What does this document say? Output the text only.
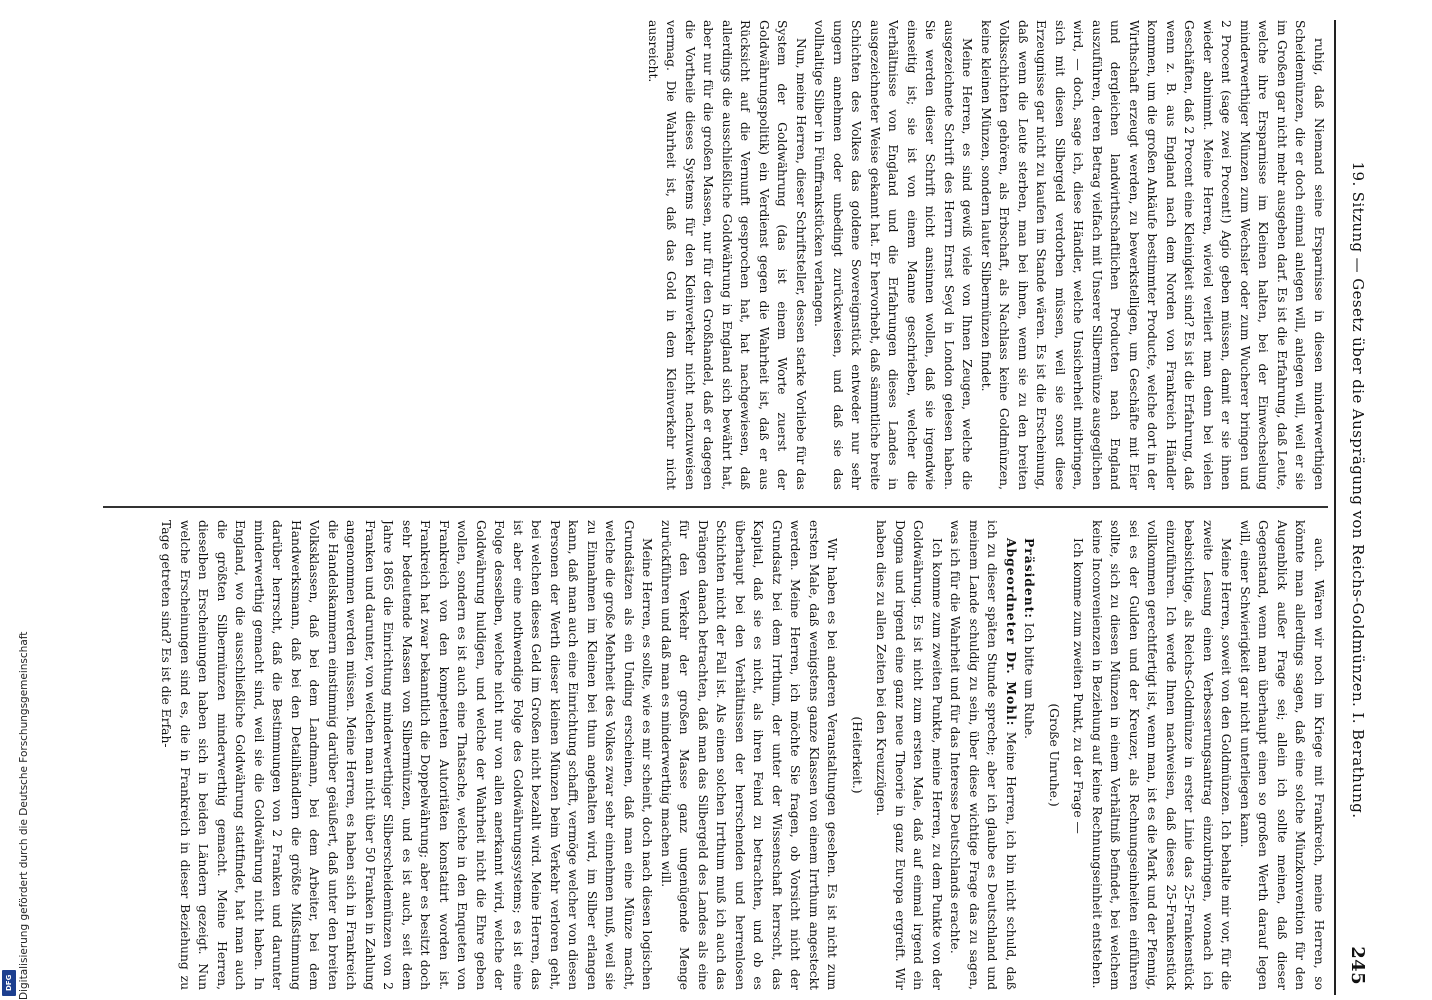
Digitalisierung gefördert durch die Deutsche Forschungsgemeinschaft
DFG
19. Sitzung — Gesetz über die Ausprägung von Reichs-Goldmünzen. I. Berathung.
245

ruhig, daß Niemand seine Ersparnisse in diesen minderwerthigen Scheidemünzen, die er doch einmal anlegen will, anlegen will, weil er sie im Großen gar nicht mehr ausgeben darf. Es ist die Erfahrung, daß Leute, welche ihre Ersparnisse im Kleinen halten, bei der Einwechselung minderwerthiger Münzen zum Wechsler oder zum Wucherer bringen und 2 Procent (sage zwei Procent!) Agio geben müssen, damit er sie ihnen wieder abnimmt. Meine Herren, wieviel verliert man denn bei vielen Geschäften, daß 2 Procent eine Kleinigkeit sind? Es ist die Erfahrung, daß wenn z. B. aus England nach dem Norden von Frankreich Händler kommen, um die großen Ankäufe bestimmter Producte, welche dort in der Wirthschaft erzeugt werden, zu bewerkstelligen, um Geschäfte mit Eier und dergleichen landwirthschaftlichen Producten nach England auszuführen, deren Betrag vielfach mit Unserer Silbermünze ausgeglichen wird, — doch, sage ich, diese Händler, welche Unsicherheit mitbringen, sich mit diesen Silbergeld verdorben müssen, weil sie sonst diese Erzeugnisse gar nicht zu kaufen im Stande wären. Es ist die Erscheinung, daß wenn die Leute sterben, man bei ihnen, wenn sie zu den breiten Volksschichten gehören, als Erbschaft, als Nachlass keine Goldmünzen, keine kleinen Münzen, sondern lauter Silbermünzen findet.

Meine Herren, es sind gewiß viele von Ihnen Zeugen, welche die ausgezeichnete Schrift des Herrn Ernst Seyd in London gelesen haben. Sie werden dieser Schrift nicht ansinnen wollen, daß sie irgendwie einseitig ist; sie ist von einem Manne geschrieben, welcher die Verhältnisse von England und die Erfahrungen dieses Landes in ausgezeichneter Weise gekannt hat. Er hervorhebt, daß sämmtliche breite Schichten des Volkes das goldene Sovereignstück entweder nur sehr ungern annehmen oder unbedingt zurückweisen, und daß sie das vollhaltige Silber in Fünffrankstücken verlangen.

Nun, meine Herren, dieser Schriftsteller, dessen starke Vorliebe für das System der Goldwährung (das ist einem Worte zuerst der Goldwährungspolitik) ein Verdienst gegen die Wahrheit ist, daß er aus Rücksicht auf die Vernunft gesprochen hat, hat nachgewiesen, daß allerdings die ausschließliche Goldwährung in England sich bewährt hat, aber nur für die großen Massen, nur für den Großhandel, daß er dagegen die Vortheile dieses Systems für den Kleinverkehr nicht nachzuweisen vermag. Die Wahrheit ist, daß das Gold in dem Kleinverkehr nicht ausreicht.

auch. Wären wir noch im Kriege mit Frankreich, meine Herren, so könnte man allerdings sagen, daß eine solche Münzkonvention für den Augenblick außer Frage sei; allein ich sollte meinen, daß dieser Gegenstand, wenn man überhaupt einen so großen Werth darauf legen will, einer Schwierigkeit gar nicht unterliegen kann.

Meine Herren, soweit von den Goldmünzen. Ich behalte mir vor, für die zweite Lesung einen Verbesserungsantrag einzubringen, wonach ich beabsichtige, als Reichs-Goldmünze in erster Linie das 25-Frankenstück einzuführen. Ich werde Ihnen nachweisen, daß dieses 25-Frankenstück vollkommen gerechtfertigt ist, wenn man, ist es die Mark und der Pfennig, sei es der Gulden und der Kreuzer, als Rechnungseinheiten einführen sollte, sich zu diesen Münzen in einem Verhältniß befindet, bei welchem keine Inconvenienzen in Beziehung auf keine Rechnungseinheit entstehen.

Ich komme zum zweiten Punkt, zu der Frage —

(Große Unruhe.)

Präsident: Ich bitte um Ruhe.

Abgeordneter Dr. Mohl: Meine Herren, ich bin nicht schuld, daß ich zu dieser späten Stunde spreche; aber ich glaube es Deutschland und meinem Lande schuldig zu sein, über diese wichtige Frage das zu sagen, was ich für die Wahrheit und für das Interesse Deutschlands erachte.

Ich komme zum zweiten Punkte, meine Herren, zu dem Punkte von der Goldwährung. Es ist nicht zum ersten Male, daß auf einmal irgend ein Dogma und irgend eine ganz neue Theorie in ganz Europa ergreift. Wir haben dies zu allen Zeiten bei den Kreuzzügen.

(Heiterkeit.)

Wir haben es bei anderen Veranstaltungen gesehen. Es ist nicht zum ersten Male, daß wenigstens ganze Klassen von einem Irrthum angesteckt werden. Meine Herren, ich möchte Sie fragen, ob Vorsicht nicht der Grundsatz bei dem Irrthum, der unter der Wissenschaft herrscht, das Kapital, daß sie es nicht, als ihren Feind zu betrachten, und ob es überhaupt bei den Verhältnissen der herrschenden und herrenlosen Schichten nicht der Fall ist. Als einen solchen Irrthum muß ich auch das Drängen danach betrachten, daß man das Silbergeld des Landes als eine für den Verkehr der großen Masse ganz ungenügende Menge zurückführen und daß man es minderwerthig machen will.

Meine Herren, es sollte, wie es mir scheint, doch nach diesen logischen Grundsätzen als ein Unding erscheinen, daß man eine Münze macht, welche die große Mehrheit des Volkes zwar sehr einnehmen muß, weil sie zu Einnahmen im Kleinen bei thun angehalten wird, im Silber erlangen kann, daß man auch eine Einrichtung schafft, vermöge welcher von diesen Personen der Werth dieser kleinen Münzen beim Verkehr verloren geht, bei welchen dieses Geld im Großen nicht bezahlt wird. Meine Herren, das ist aber eine nothwendige Folge des Goldwährungssystems; es ist eine Folge desselben, welche nicht nur von allen anerkannt wird, welche der Goldwährung huldigen, und welche der Wahrheit nicht die Ehre geben wollen, sondern es ist auch eine Thatsache, welche in den Enqueten von Frankreich von den kompetenten Autoritäten konstatirt worden ist. Frankreich hat zwar bekanntlich die Doppelwährung; aber es besitzt doch sehr bedeutende Massen von Silbermünzen, und es ist auch, seit dem Jahre 1865 die Einrichtung minderwerthiger Silberscheidemünzen von 2 Franken und darunter, von welchen man nicht über 50 Franken in Zahlung angenommen werden müssen. Meine Herren, es haben sich in Frankreich die Handelskammern einstimmig darüber geäußert, daß unter den breiten Volksklassen, daß bei dem Landmann, bei dem Arbeiter, bei dem Handwerksmann, daß bei den Detailhändlern die größte Mißstimmung darüber herrscht, daß die Bestimmungen von 2 Franken und darunter minderwerthig gemacht sind, weil sie die Goldwährung nicht haben. In England, wo die ausschließliche Goldwährung stattfindet, hat man auch die größten Silbermünzen minderwerthig gemacht. Meine Herren, dieselben Erscheinungen haben sich in beiden Ländern gezeigt. Nun welche Erscheinungen sind es, die in Frankreich in dieser Beziehung zu Tage getreten sind? Es ist die Erfah-
